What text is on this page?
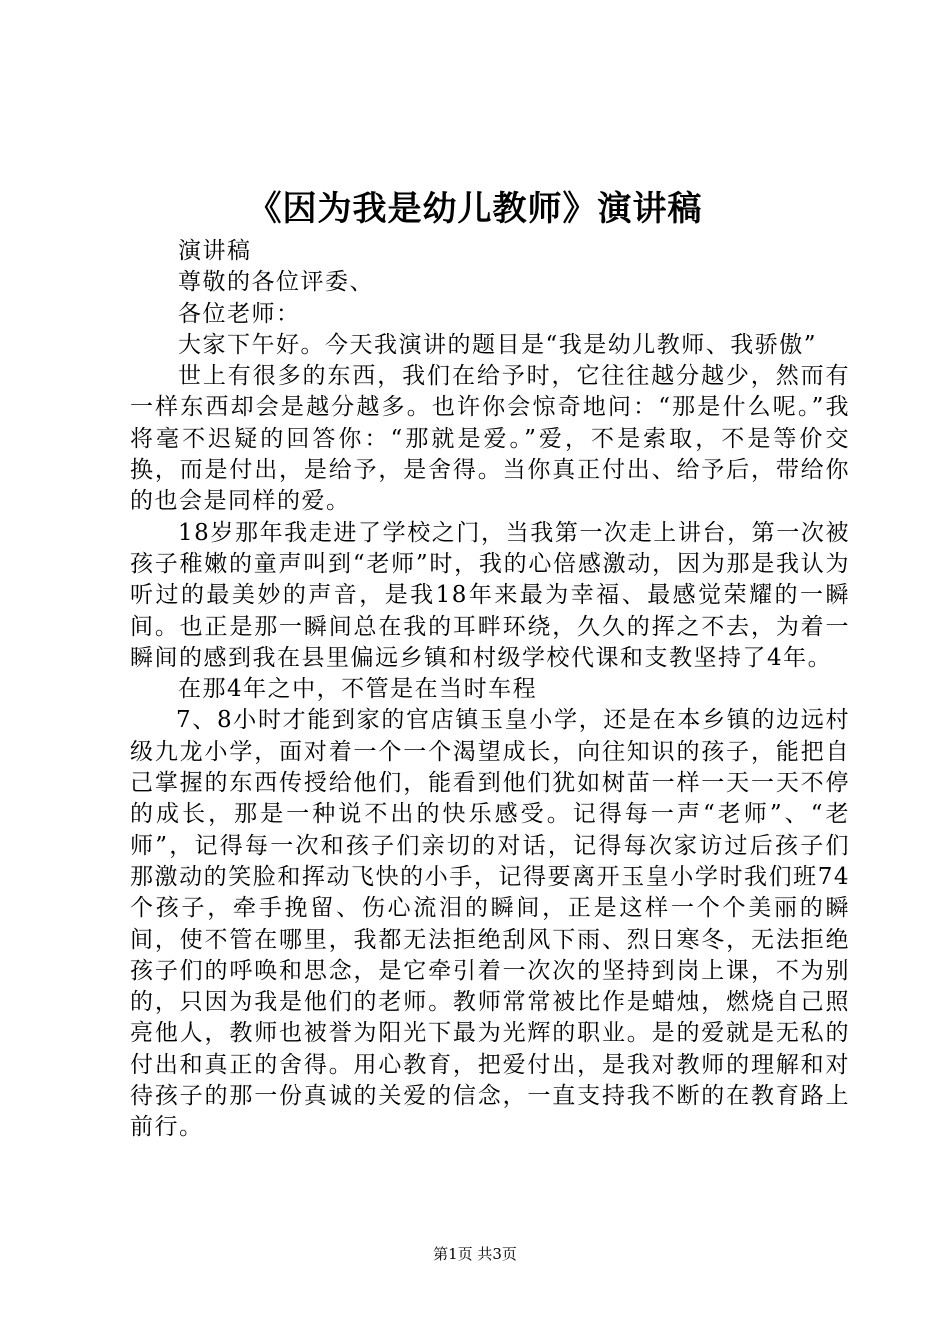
《因为我是幼儿教师》演讲稿

演讲稿

尊敬的各位评委、

各位老师：

大家下午好。今天我演讲的题目是“我是幼儿教师、我骄傲”

世上有很多的东西，我们在给予时，它往往越分越少，然而有一样东西却会是越分越多。也许你会惊奇地问：“那是什么呢。”我将毫不迟疑的回答你：“那就是爱。”爱，不是索取，不是等价交换，而是付出，是给予，是舍得。当你真正付出、给予后，带给你的也会是同样的爱。

18岁那年我走进了学校之门，当我第一次走上讲台，第一次被孩子稚嫩的童声叫到“老师”时，我的心倍感激动，因为那是我认为听过的最美妙的声音，是我18年来最为幸福、最感觉荣耀的一瞬间。也正是那一瞬间总在我的耳畔环绕，久久的挥之不去，为着一瞬间的感到我在县里偏远乡镇和村级学校代课和支教坚持了4年。

在那4年之中，不管是在当时车程

7、8小时才能到家的官店镇玉皇小学，还是在本乡镇的边远村级九龙小学，面对着一个一个渴望成长，向往知识的孩子，能把自己掌握的东西传授给他们，能看到他们犹如树苗一样一天一天不停的成长，那是一种说不出的快乐感受。记得每一声“老师”、“老师”，记得每一次和孩子们亲切的对话，记得每次家访过后孩子们那激动的笑脸和挥动飞快的小手，记得要离开玉皇小学时我们班74个孩子，牵手挽留、伤心流泪的瞬间，正是这样一个个美丽的瞬间，使不管在哪里，我都无法拒绝刮风下雨、烈日寒冬，无法拒绝孩子们的呼唤和思念，是它牵引着一次次的坚持到岗上课，不为别的，只因为我是他们的老师。教师常常被比作是蜡烛，燃烧自己照亮他人，教师也被誉为阳光下最为光辉的职业。是的爱就是无私的付出和真正的舍得。用心教育，把爱付出，是我对教师的理解和对待孩子的那一份真诚的关爱的信念，一直支持我不断的在教育路上前行。

第1页 共3页
